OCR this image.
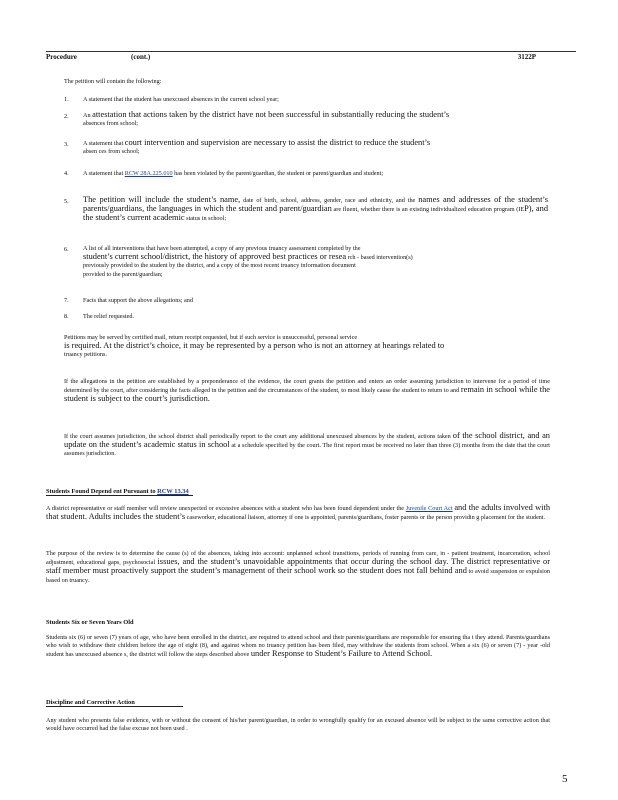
Procedure	(cont.)	3122P
The petition will contain the following:
1. A statement that the student has unexcused absences in the current school year;
2. An attestation that actions taken by the district have not been successful in substantially reducing the student’s
absences from school;
3. A statement that court intervention and supervision are necessary to assist the district to reduce the student’s
absen ces from school;
4. A statement that RCW 28A.225.010 has been violated by the parent/guardian, the student or parent/guardian and student;
5. The petition will include the student’s name, date of birth, school, address, gender, race and ethnicity, and the names and addresses of the student’s parents/guardians, the languages in which the student and parent/guardian are fluent, whether there is an existing individualized education program (IEP), and the student’s current academic status in school;
6. A list of all interventions that have been attempted, a copy of any previous truancy assessment completed by the
student’s current school/district, the history of approved best practices or resea rch - based intervention(s)
previously provided to the student by the district, and a copy of the most recent truancy information document
provided to the parent/guardian;
7. Facts that support the above allegations; and
8. The relief requested.
Petitions may be served by certified mail, return receipt requested, but if such service is unsuccessful, personal service
is required. At the district’s choice, it may be represented by a person who is not an attorney at hearings related to
truancy petitions.
If the allegations in the petition are established by a preponderance of the evidence, the court grants the petition and enters an order assuming jurisdiction to intervene for a period of time determined by the court, after considering the facts alleged in the petition and the circumstances of the student, to most likely cause the student to return to and remain in school while the student is subject to the court’s jurisdiction.
If the court assumes jurisdiction, the school district shall periodically report to the court any additional unexcused absences by the student, actions taken of the school district, and an update on the student’s academic status in school at a schedule specified by the court. The first report must be received no later than three (3) months from the date that the court assumes jurisdiction.
Students Found Depend ent Pursuant to RCW 13.34
A district representative or staff member will review unexpected or excessive absences with a student who has been found dependent under the Juvenile Court Act and the adults involved with that student. Adults includes the student’s caseworker, educational liaison, attorney if one is appointed, parents/guardians, foster parents or the person providin g placement for the student.
The purpose of the review is to determine the cause (s) of the absences, taking into account: unplanned school transitions, periods of running from care, in - patient treatment, incarceration, school adjustment, educational gaps, psychosocial issues, and the student’s unavoidable appointments that occur during the school day. The district representative or staff member must proactively support the student’s management of their school work so the student does not fall behind and to avoid suspension or expulsion based on truancy.
Students Six or Seven Years Old
Students six (6) or seven (7) years of age, who have been enrolled in the district, are required to attend school and their parents/guardians are responsible for ensuring tha t they attend. Parents/guardians who wish to withdraw their children before the age of eight (8), and against whom no truancy petition has been filed, may withdraw the students from school. When a six (6) or seven (7) - year -old student has unexcused absence s, the district will follow the steps described above under Response to Student’s Failure to Attend School.
Discipline and Corrective Action
Any student who presents false evidence, with or without the consent of his/her parent/guardian, in order to wrongfully qualify for an excused absence will be subject to the same corrective action that would have occurred had the false excuse not been used .
5
